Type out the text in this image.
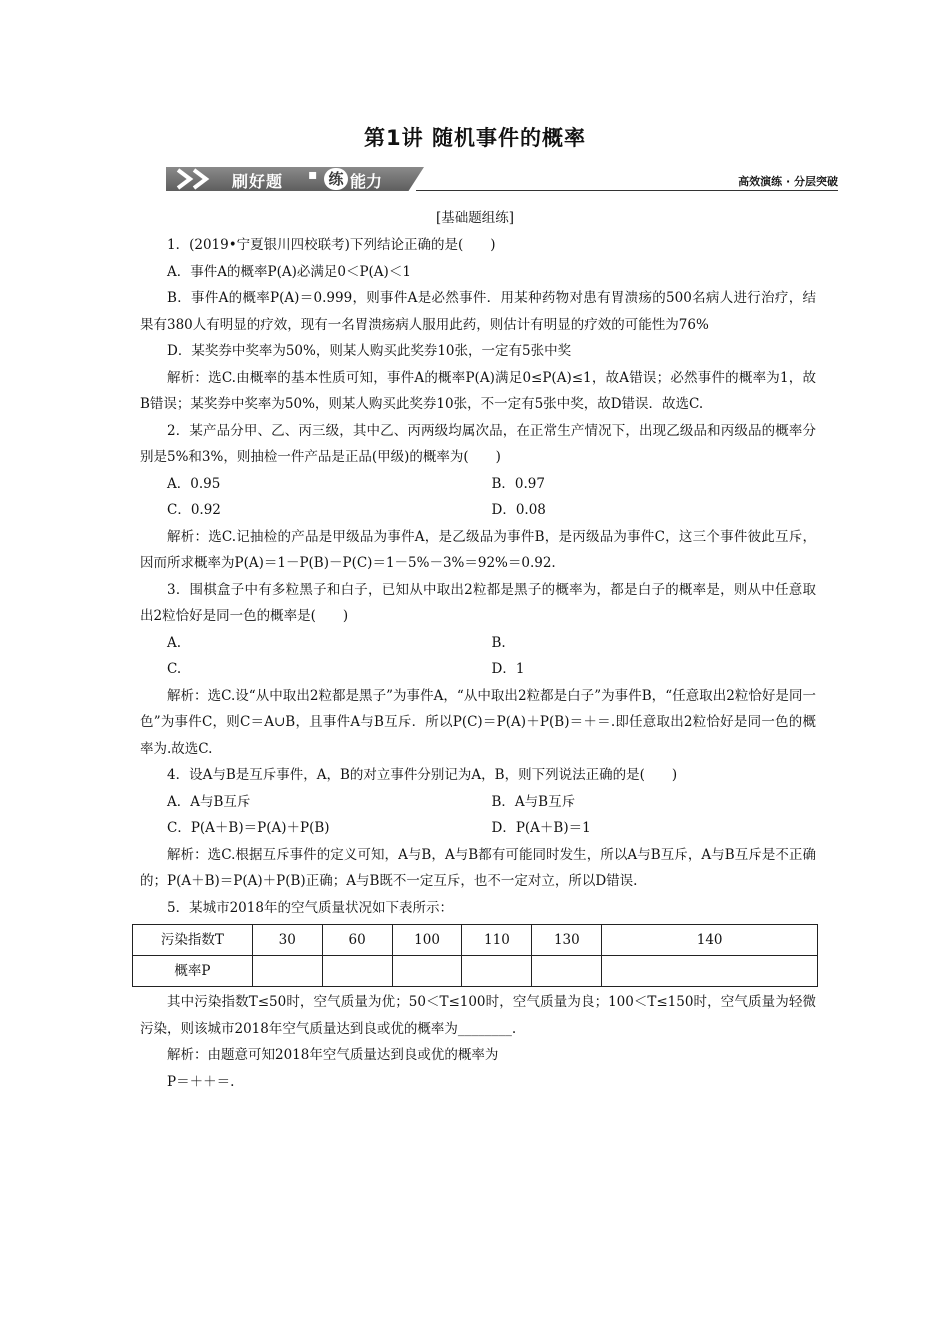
第1讲 随机事件的概率
刷好题 ▪ 练 能力	高效演练 · 分层突破
[基础题组练]

1．(2019•宁夏银川四校联考)下列结论正确的是(　　)

A．事件A的概率P(A)必满足0＜P(A)＜1

B．事件A的概率P(A)＝0.999，则事件A是必然事件．用某种药物对患有胃溃疡的500名病人进行治疗，结果有380人有明显的疗效，现有一名胃溃疡病人服用此药，则估计有明显的疗效的可能性为76%

D．某奖券中奖率为50%，则某人购买此奖券10张，一定有5张中奖

解析：选C.由概率的基本性质可知，事件A的概率P(A)满足0≤P(A)≤1，故A错误；必然事件的概率为1，故B错误；某奖券中奖率为50%，则某人购买此奖券10张，不一定有5张中奖，故D错误．故选C.

2．某产品分甲、乙、丙三级，其中乙、丙两级均属次品，在正常生产情况下，出现乙级品和丙级品的概率分别是5%和3%，则抽检一件产品是正品(甲级)的概率为(　　)

A．0.95	B．0.97
C．0.92	D．0.08

解析：选C.记抽检的产品是甲级品为事件A，是乙级品为事件B，是丙级品为事件C，这三个事件彼此互斥，因而所求概率为P(A)＝1－P(B)－P(C)＝1－5%－3%＝92%＝0.92.

3．围棋盒子中有多粒黑子和白子，已知从中取出2粒都是黑子的概率为，都是白子的概率是，则从中任意取出2粒恰好是同一色的概率是(　　)

A.	B.
C.	D．1

解析：选C.设“从中取出2粒都是黑子”为事件A，“从中取出2粒都是白子”为事件B，“任意取出2粒恰好是同一色”为事件C，则C＝A∪B，且事件A与B互斥．所以P(C)＝P(A)＋P(B)＝＋＝.即任意取出2粒恰好是同一色的概率为.故选C.

4．设A与B是互斥事件，A，B的对立事件分别记为A，B，则下列说法正确的是(　　)

A．A与B互斥	B．A与B互斥
C．P(A＋B)＝P(A)＋P(B)	D．P(A＋B)＝1

解析：选C.根据互斥事件的定义可知，A与B，A与B都有可能同时发生，所以A与B互斥，A与B互斥是不正确的；P(A＋B)＝P(A)＋P(B)正确；A与B既不一定互斥，也不一定对立，所以D错误.

5．某城市2018年的空气质量状况如下表所示：

污染指数T	30	60	100	110	130	140
概率P						

其中污染指数T≤50时，空气质量为优；50＜T≤100时，空气质量为良；100＜T≤150时，空气质量为轻微污染，则该城市2018年空气质量达到良或优的概率为________.

解析：由题意可知2018年空气质量达到良或优的概率为

P＝＋＋＝.
